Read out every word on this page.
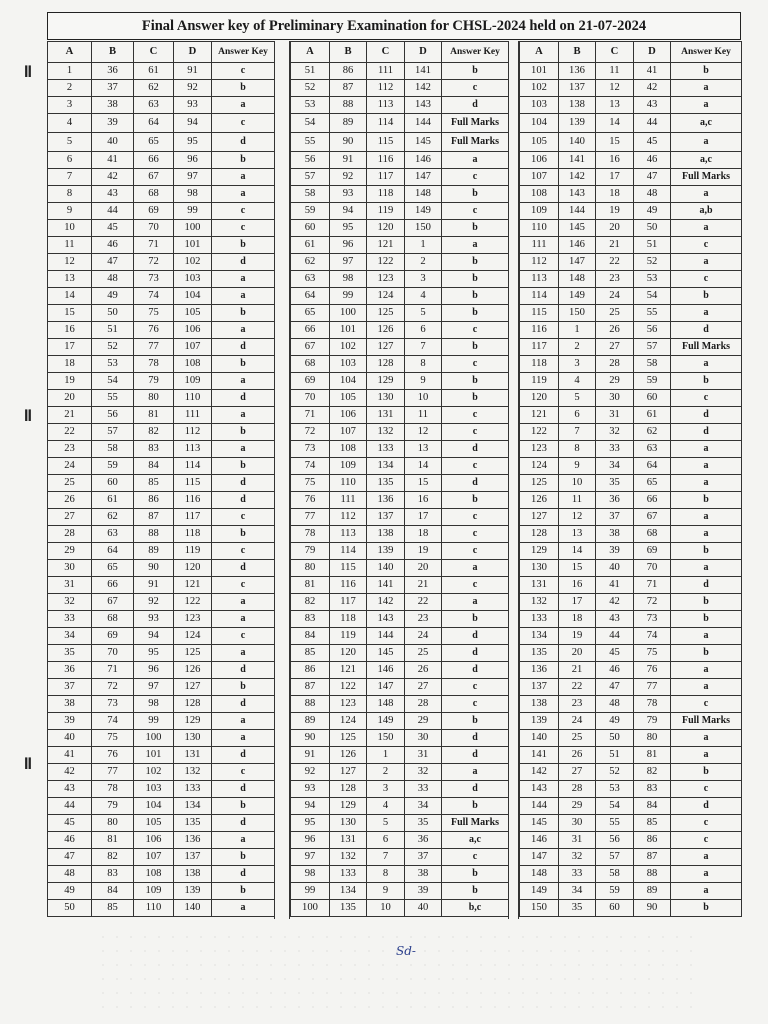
Final Answer key of Preliminary Examination for CHSL-2024 held on 21-07-2024
A	B	C	D	Answer Key
1	36	61	91	c
2	37	62	92	b
3	38	63	93	a
4	39	64	94	c
5	40	65	95	d
6	41	66	96	b
7	42	67	97	a
8	43	68	98	a
9	44	69	99	c
10	45	70	100	c
11	46	71	101	b
12	47	72	102	d
13	48	73	103	a
14	49	74	104	a
15	50	75	105	b
16	51	76	106	a
17	52	77	107	d
18	53	78	108	b
19	54	79	109	a
20	55	80	110	d
21	56	81	111	a
22	57	82	112	b
23	58	83	113	a
24	59	84	114	b
25	60	85	115	d
26	61	86	116	d
27	62	87	117	c
28	63	88	118	b
29	64	89	119	c
30	65	90	120	d
31	66	91	121	c
32	67	92	122	a
33	68	93	123	a
34	69	94	124	c
35	70	95	125	a
36	71	96	126	d
37	72	97	127	b
38	73	98	128	d
39	74	99	129	a
40	75	100	130	a
41	76	101	131	d
42	77	102	132	c
43	78	103	133	d
44	79	104	134	b
45	80	105	135	d
46	81	106	136	a
47	82	107	137	b
48	83	108	138	d
49	84	109	139	b
50	85	110	140	a
A	B	C	D	Answer Key
51	86	111	141	b
52	87	112	142	c
53	88	113	143	d
54	89	114	144	Full Marks
55	90	115	145	Full Marks
56	91	116	146	a
57	92	117	147	c
58	93	118	148	b
59	94	119	149	c
60	95	120	150	b
61	96	121	1	a
62	97	122	2	b
63	98	123	3	b
64	99	124	4	b
65	100	125	5	b
66	101	126	6	c
67	102	127	7	b
68	103	128	8	c
69	104	129	9	b
70	105	130	10	b
71	106	131	11	c
72	107	132	12	c
73	108	133	13	d
74	109	134	14	c
75	110	135	15	d
76	111	136	16	b
77	112	137	17	c
78	113	138	18	c
79	114	139	19	c
80	115	140	20	a
81	116	141	21	c
82	117	142	22	a
83	118	143	23	b
84	119	144	24	d
85	120	145	25	d
86	121	146	26	d
87	122	147	27	c
88	123	148	28	c
89	124	149	29	b
90	125	150	30	d
91	126	1	31	d
92	127	2	32	a
93	128	3	33	d
94	129	4	34	b
95	130	5	35	Full Marks
96	131	6	36	a,c
97	132	7	37	c
98	133	8	38	b
99	134	9	39	b
100	135	10	40	b,c
A	B	C	D	Answer Key
101	136	11	41	b
102	137	12	42	a
103	138	13	43	a
104	139	14	44	a,c
105	140	15	45	a
106	141	16	46	a,c
107	142	17	47	Full Marks
108	143	18	48	a
109	144	19	49	a,b
110	145	20	50	a
111	146	21	51	c
112	147	22	52	a
113	148	23	53	c
114	149	24	54	b
115	150	25	55	a
116	1	26	56	d
117	2	27	57	Full Marks
118	3	28	58	a
119	4	29	59	b
120	5	30	60	c
121	6	31	61	d
122	7	32	62	d
123	8	33	63	a
124	9	34	64	a
125	10	35	65	a
126	11	36	66	b
127	12	37	67	a
128	13	38	68	a
129	14	39	69	b
130	15	40	70	a
131	16	41	71	d
132	17	42	72	b
133	18	43	73	b
134	19	44	74	a
135	20	45	75	b
136	21	46	76	a
137	22	47	77	a
138	23	48	78	c
139	24	49	79	Full Marks
140	25	50	80	a
141	26	51	81	a
142	27	52	82	b
143	28	53	83	c
144	29	54	84	d
145	30	55	85	c
146	31	56	86	c
147	32	57	87	a
148	33	58	88	a
149	34	59	89	a
150	35	60	90	b
ꟾꟾ
ꟾꟾ
ꟾꟾ
Sd-
